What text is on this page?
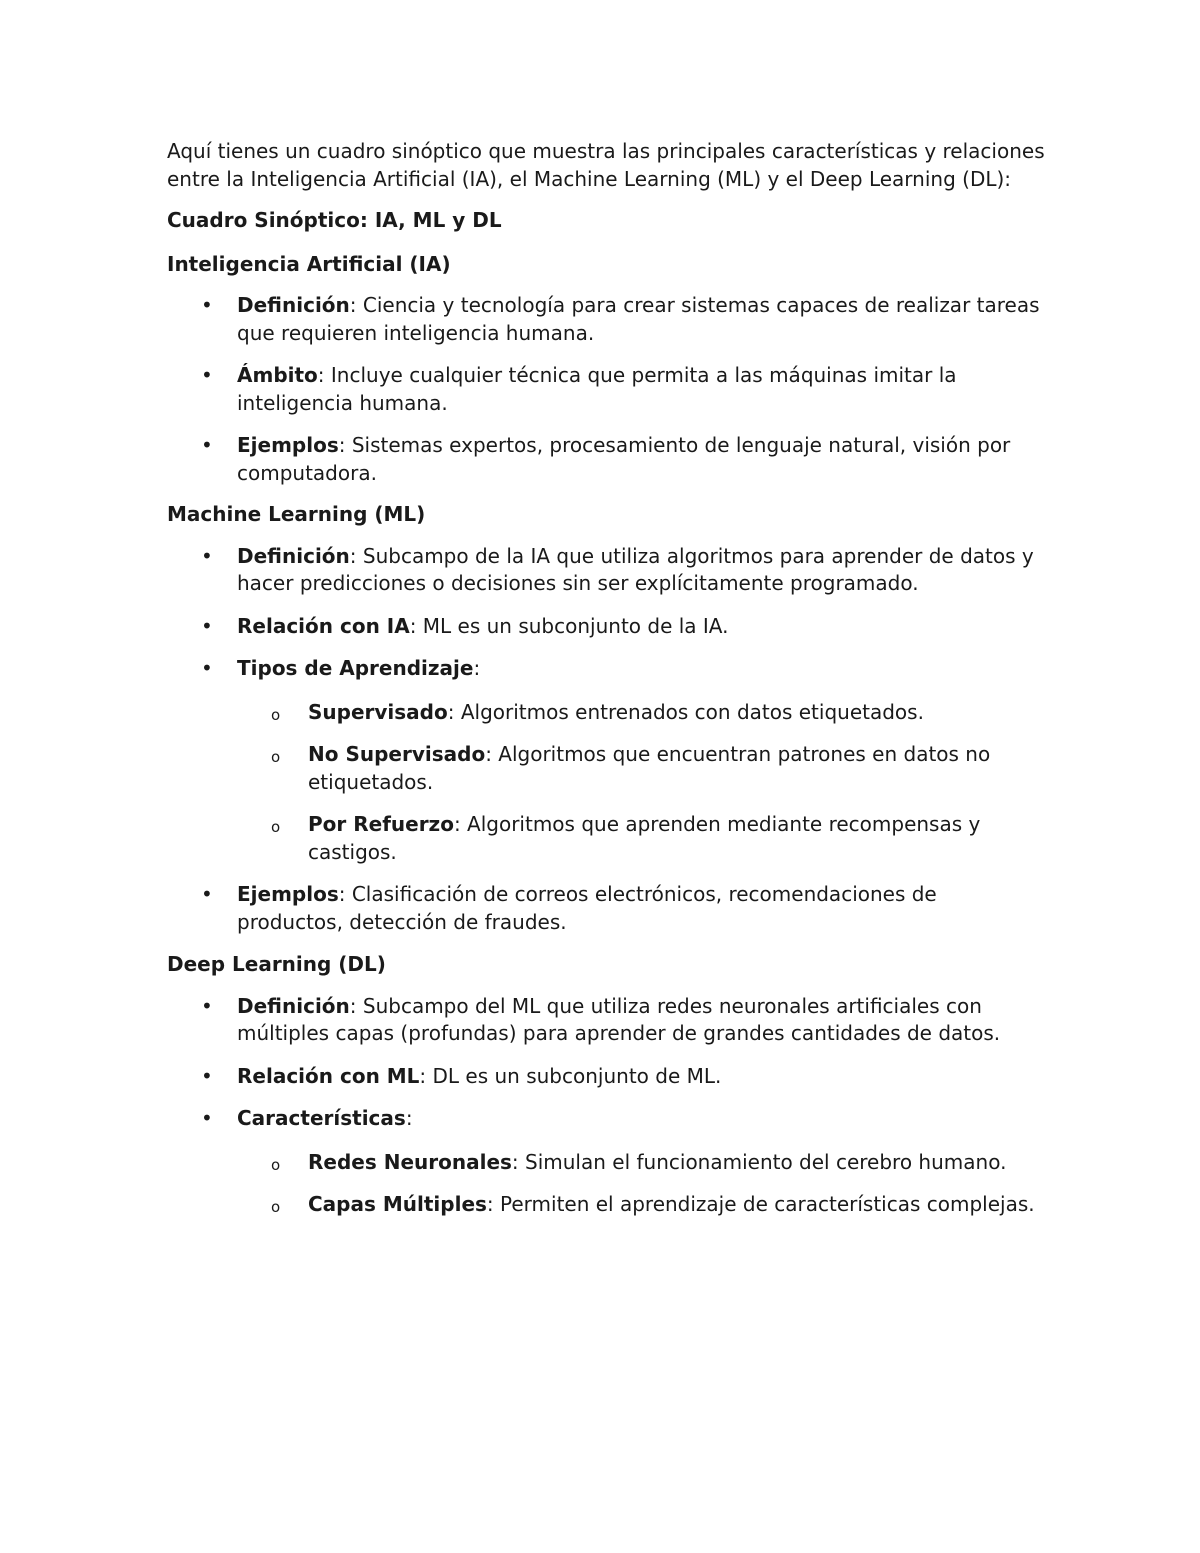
Aquí tienes un cuadro sinóptico que muestra las principales características y relaciones entre la Inteligencia Artificial (IA), el Machine Learning (ML) y el Deep Learning (DL):

Cuadro Sinóptico: IA, ML y DL

Inteligencia Artificial (IA)

• Definición: Ciencia y tecnología para crear sistemas capaces de realizar tareas que requieren inteligencia humana.
• Ámbito: Incluye cualquier técnica que permita a las máquinas imitar la inteligencia humana.
• Ejemplos: Sistemas expertos, procesamiento de lenguaje natural, visión por computadora.

Machine Learning (ML)

• Definición: Subcampo de la IA que utiliza algoritmos para aprender de datos y hacer predicciones o decisiones sin ser explícitamente programado.
• Relación con IA: ML es un subconjunto de la IA.
• Tipos de Aprendizaje:
o Supervisado: Algoritmos entrenados con datos etiquetados.
o No Supervisado: Algoritmos que encuentran patrones en datos no etiquetados.
o Por Refuerzo: Algoritmos que aprenden mediante recompensas y castigos.
• Ejemplos: Clasificación de correos electrónicos, recomendaciones de productos, detección de fraudes.

Deep Learning (DL)

• Definición: Subcampo del ML que utiliza redes neuronales artificiales con múltiples capas (profundas) para aprender de grandes cantidades de datos.
• Relación con ML: DL es un subconjunto de ML.
• Características:
o Redes Neuronales: Simulan el funcionamiento del cerebro humano.
o Capas Múltiples: Permiten el aprendizaje de características complejas.
